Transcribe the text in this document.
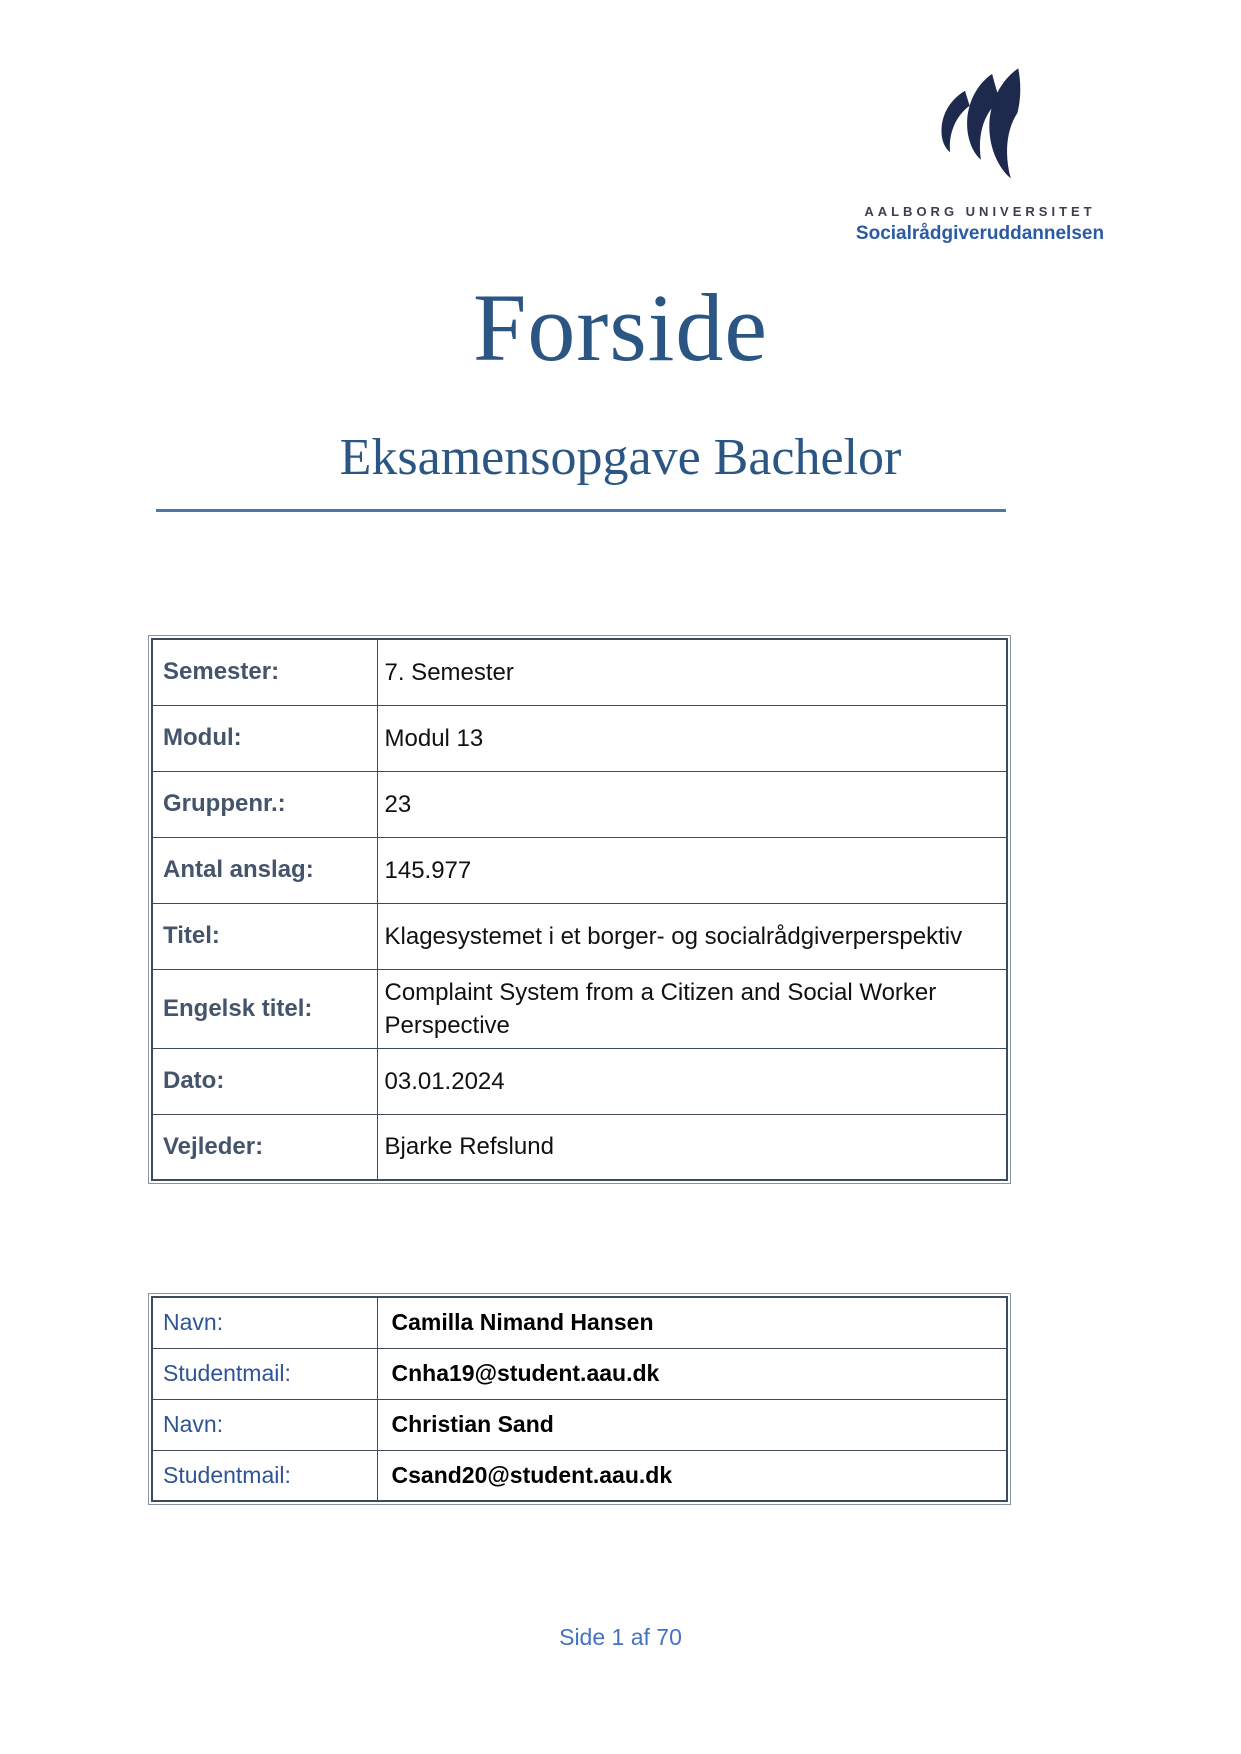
AALBORG UNIVERSITET
Socialrådgiveruddannelsen
Forside
Eksamensopgave Bachelor
Semester:	7. Semester
Modul:	Modul 13
Gruppenr.:	23
Antal anslag:	145.977
Titel:	Klagesystemet i et borger- og socialrådgiverperspektiv
Engelsk titel:	Complaint System from a Citizen and Social Worker Perspective
Dato:	03.01.2024
Vejleder:	Bjarke Refslund
Navn:	Camilla Nimand Hansen
Studentmail:	Cnha19@student.aau.dk
Navn:	Christian Sand
Studentmail:	Csand20@student.aau.dk
Side 1 af 70
